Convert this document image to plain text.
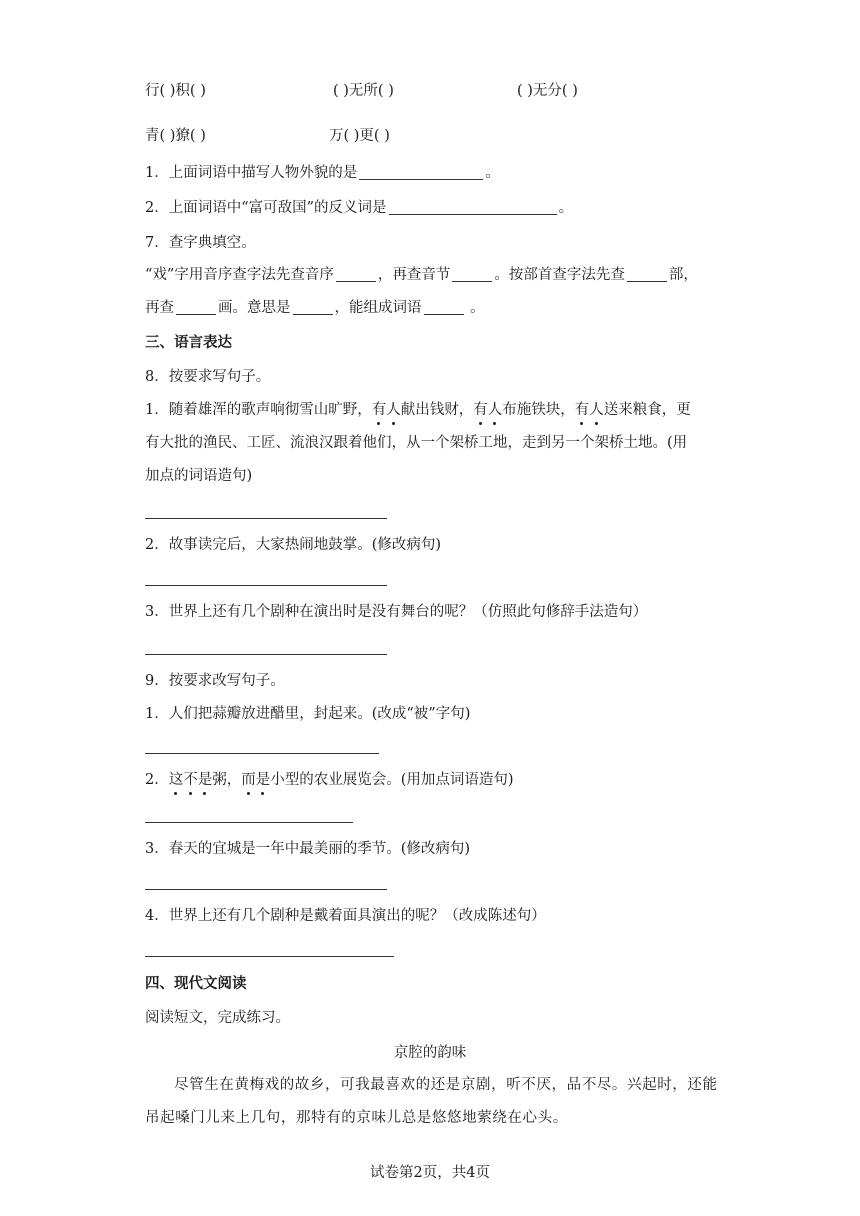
行( )积( )	( )无所( )	( )无分( )
青( )獠( )	万( )更( )
1．上面词语中描写人物外貌的是	。
2．上面词语中“富可敌国”的反义词是	。
7．查字典填空。
“戏”字用音序查字法先查音序	，再查音节	。按部首查字法先查	部，
再查	画。意思是	，能组成词语	。
三、语言表达
8．按要求写句子。
1．随着雄浑的歌声响彻雪山旷野，有人献出钱财，有人布施铁块，有人送来粮食，更
有大批的渔民、工匠、流浪汉跟着他们，从一个架桥工地，走到另一个架桥土地。(用
加点的词语造句)
2．故事读完后，大家热闹地鼓掌。(修改病句)
3．世界上还有几个剧种在演出时是没有舞台的呢？（仿照此句修辞手法造句）
9．按要求改写句子。
1．人们把蒜瓣放进醋里，封起来。(改成“被”字句)
2．这不是粥，而是小型的农业展览会。(用加点词语造句)
3．春天的宜城是一年中最美丽的季节。(修改病句)
4．世界上还有几个剧种是戴着面具演出的呢？（改成陈述句）
四、现代文阅读
阅读短文，完成练习。
京腔的韵味
尽管生在黄梅戏的故乡，可我最喜欢的还是京剧，听不厌，品不尽。兴起时，还能
吊起嗓门儿来上几句，那特有的京味儿总是悠悠地萦绕在心头。
试卷第2页，共4页
